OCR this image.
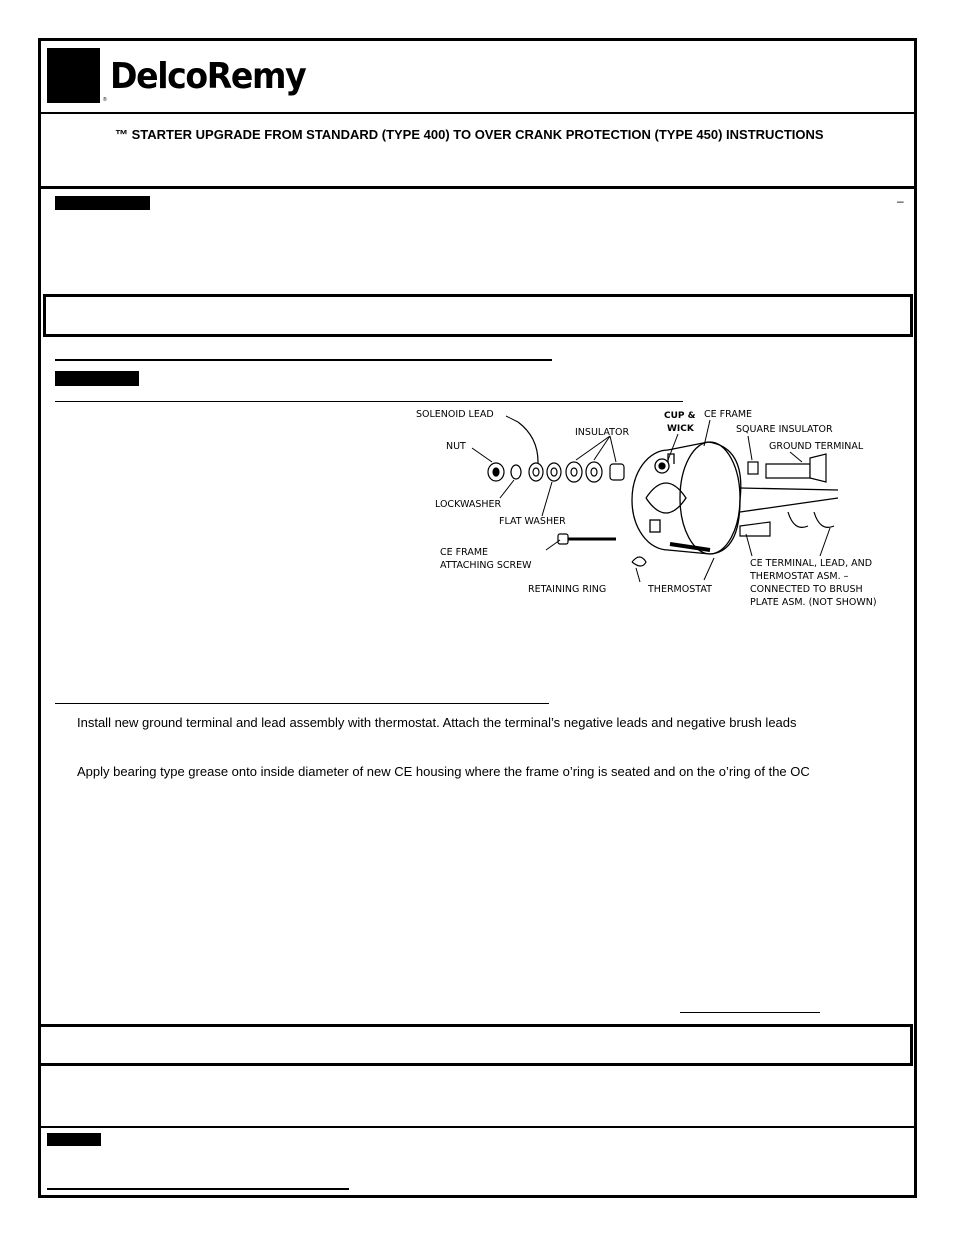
®
DelcoRemy
™ STARTER UPGRADE FROM STANDARD (TYPE 400) TO OVER CRANK PROTECTION (TYPE 450) INSTRUCTIONS
–
SOLENOID LEAD
NUT
INSULATOR
CUP &
WICK
CE FRAME
SQUARE INSULATOR
GROUND TERMINAL
LOCKWASHER
FLAT WASHER
CE FRAME
ATTACHING SCREW
RETAINING RING	THERMOSTAT
CE TERMINAL, LEAD, AND
THERMOSTAT ASM. –
CONNECTED TO BRUSH
PLATE ASM. (NOT SHOWN)
Install new ground terminal and lead assembly with thermostat. Attach the terminal’s negative leads and negative brush leads
Apply bearing type grease onto inside diameter of new CE housing where the frame o’ring is seated and on the o’ring of the OC
